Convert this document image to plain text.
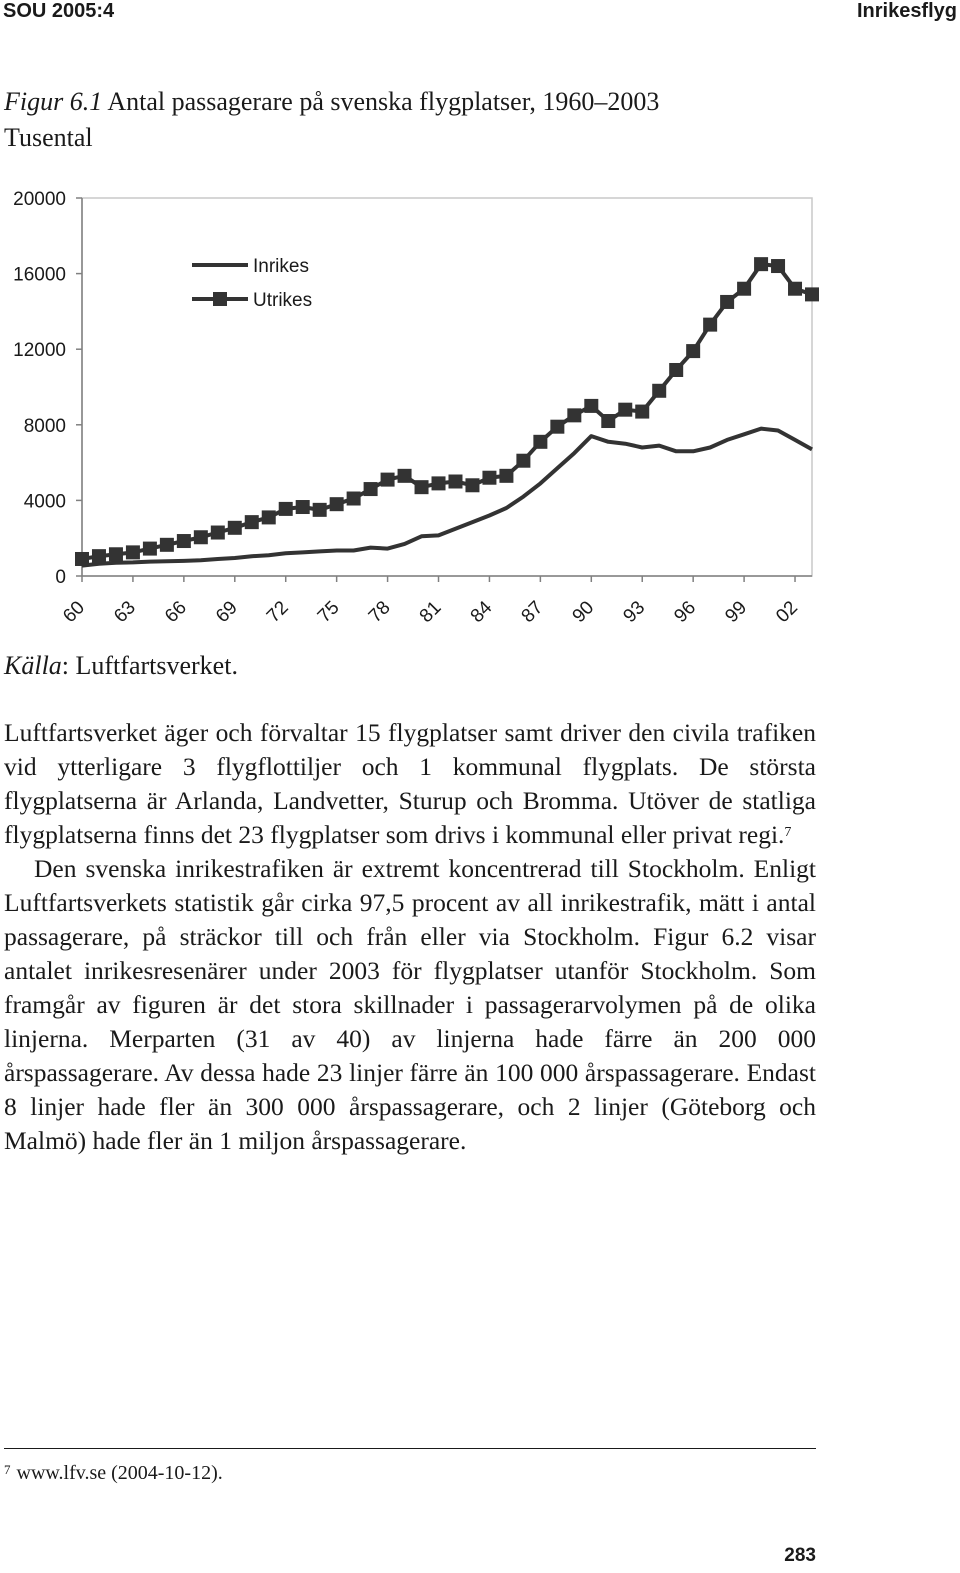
SOU 2005:4	Inrikesflyg
Figur 6.1 Antal passagerare på svenska flygplatser, 1960–2003
Tusental
0
4000
8000
12000
16000
20000
60 63 66 69 72 75 78 81 84 87 90 93 96 99 02
Inrikes
Utrikes
Källa: Luftfartsverket.

Luftfartsverket äger och förvaltar 15 flygplatser samt driver den civila trafiken vid ytterligare 3 flygflottiljer och 1 kommunal flygplats. De största flygplatserna är Arlanda, Landvetter, Sturup och Bromma. Utöver de statliga flygplatserna finns det 23 flygplatser som drivs i kommunal eller privat regi.$^7$

Den svenska inrikestrafiken är extremt koncentrerad till Stockholm. Enligt Luftfartsverkets statistik går cirka 97,5 procent av all inrikestrafik, mätt i antal passagerare, på sträckor till och från eller via Stockholm. Figur 6.2 visar antalet inrikesresenärer under 2003 för flygplatser utanför Stockholm. Som framgår av figuren är det stora skillnader i passagerarvolymen på de olika linjerna. Merparten (31 av 40) av linjerna hade färre än 200 000 årspassagerare. Av dessa hade 23 linjer färre än 100 000 årspassagerare. Endast 8 linjer hade fler än 300 000 årspassagerare, och 2 linjer (Göteborg och Malmö) hade fler än 1 miljon årspassagerare.

$^7$ www.lfv.se (2004-10-12).
283
